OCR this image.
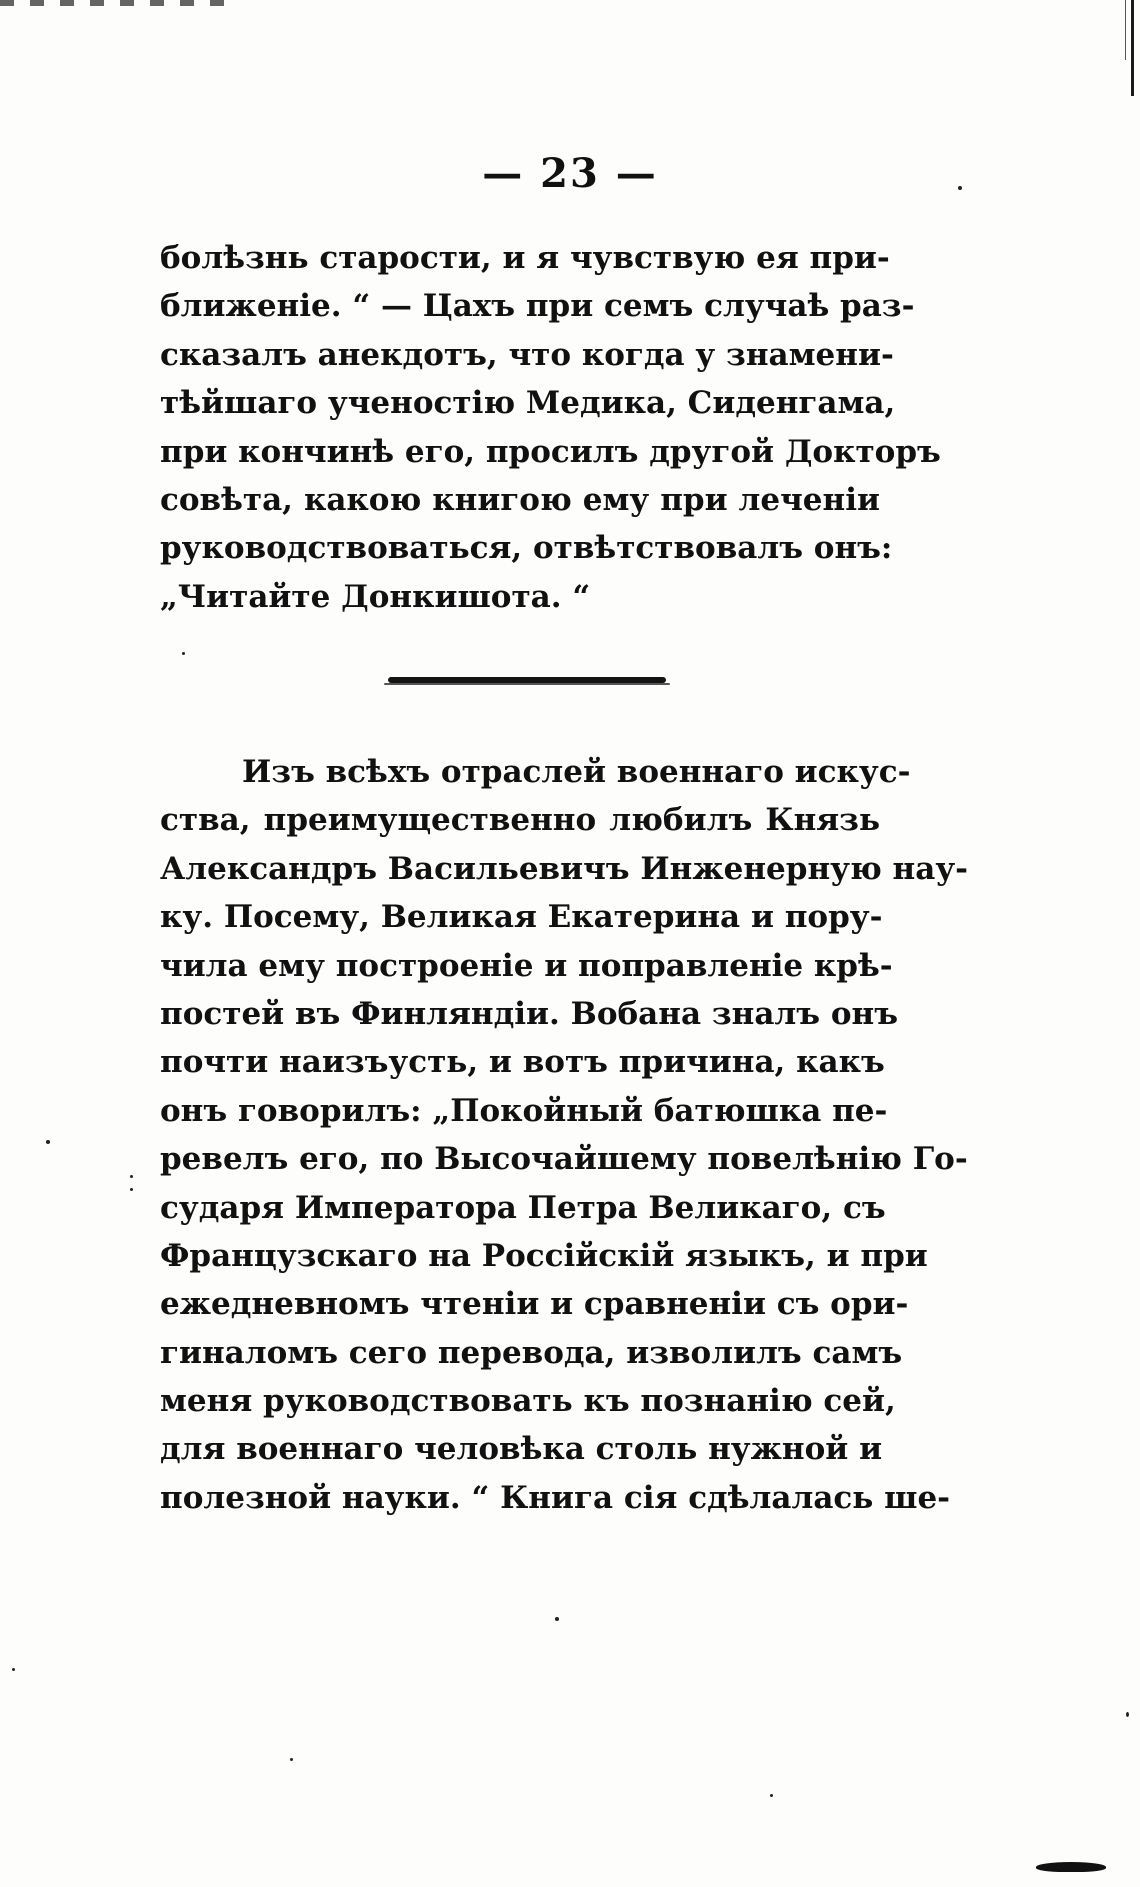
— 23 —
болѣзнь старости, и я чувствую ея при-
ближеніе. “ — Цахъ при семъ случаѣ раз-
сказалъ анекдотъ, что когда у знамени-
тѣйшаго ученостію Медика, Сиденгама,
при кончинѣ его, просилъ другой Докторъ
совѣта, какою книгою ему при леченіи
руководствоваться, отвѣтствовалъ онъ:
„Читайте Донкишота. “
Изъ всѣхъ отраслей военнаго искус-
ства, преимущественно любилъ Князь
Александръ Васильевичъ Инженерную нау-
ку. Посему, Великая Екатерина и пору-
чила ему построеніе и поправленіе крѣ-
постей въ Финляндіи. Вобана зналъ онъ
почти наизъусть, и вотъ причина, какъ
онъ говорилъ: „Покойный батюшка пе-
ревелъ его, по Высочайшему повелѣнію Го-
сударя Императора Петра Великаго, съ
Французскаго на Россійскій языкъ, и при
ежедневномъ чтеніи и сравненіи съ ори-
гиналомъ сего перевода, изволилъ самъ
меня руководствовать къ познанію сей,
для военнаго человѣка столь нужной и
полезной науки. “ Книга сія сдѣлалась ше-
